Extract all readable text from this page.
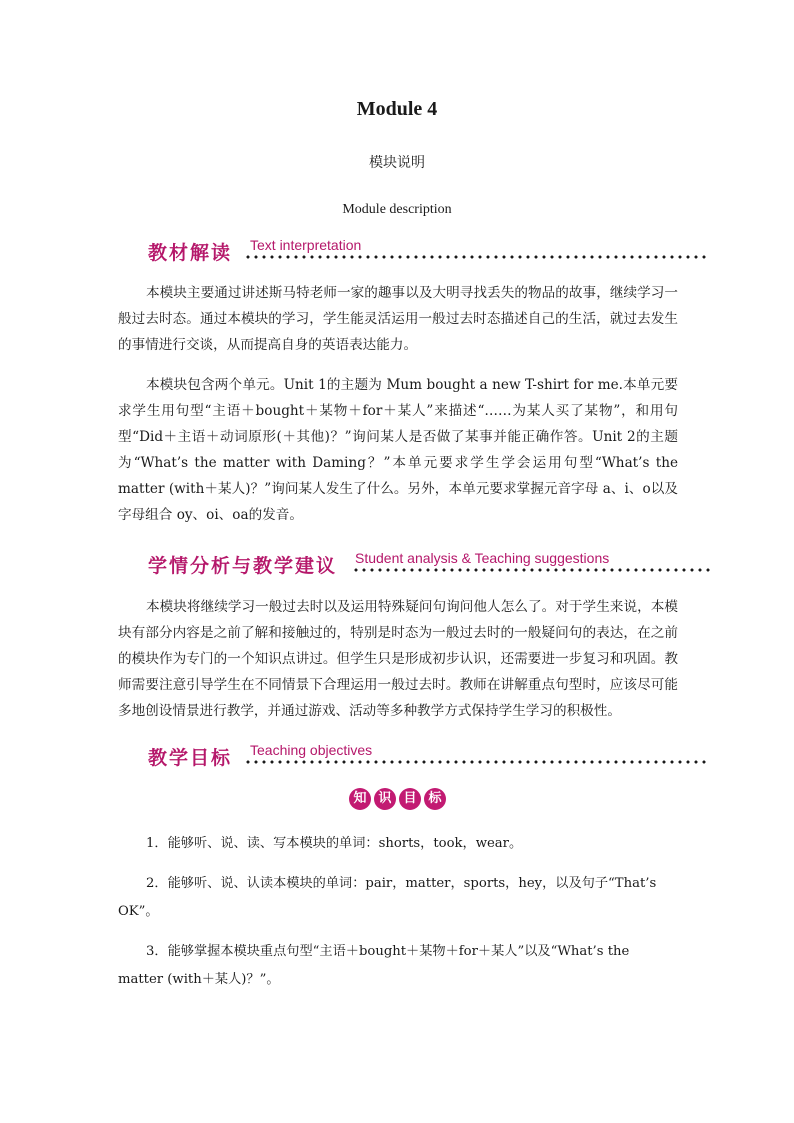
Module 4
模块说明
Module description
教材解读 Text interpretation

本模块主要通过讲述斯马特老师一家的趣事以及大明寻找丢失的物品的故事，继续学习一般过去时态。通过本模块的学习，学生能灵活运用一般过去时态描述自己的生活，就过去发生的事情进行交谈，从而提高自身的英语表达能力。

本模块包含两个单元。Unit 1的主题为 Mum bought a new T-shirt for me.本单元要求学生用句型“主语＋bought＋某物＋for＋某人”来描述“……为某人买了某物”，和用句型“Did＋主语＋动词原形(＋其他)？”询问某人是否做了某事并能正确作答。Unit 2的主题为“What’s the matter with Daming？”本单元要求学生学会运用句型“What’s the matter (with＋某人)？”询问某人发生了什么。另外，本单元要求掌握元音字母 a、i、o以及字母组合 oy、oi、oa的发音。

学情分析与教学建议 Student analysis & Teaching suggestions

本模块将继续学习一般过去时以及运用特殊疑问句询问他人怎么了。对于学生来说，本模块有部分内容是之前了解和接触过的，特别是时态为一般过去时的一般疑问句的表达，在之前的模块作为专门的一个知识点讲过。但学生只是形成初步认识，还需要进一步复习和巩固。教师需要注意引导学生在不同情景下合理运用一般过去时。教师在讲解重点句型时，应该尽可能多地创设情景进行教学，并通过游戏、活动等多种教学方式保持学生学习的积极性。

教学目标 Teaching objectives
知 识 目 标

1．能够听、说、读、写本模块的单词：shorts，took，wear。

2．能够听、说、认读本模块的单词：pair，matter，sports，hey，以及句子“That’s OK”。

3．能够掌握本模块重点句型“主语＋bought＋某物＋for＋某人”以及“What’s the matter (with＋某人)？”。
